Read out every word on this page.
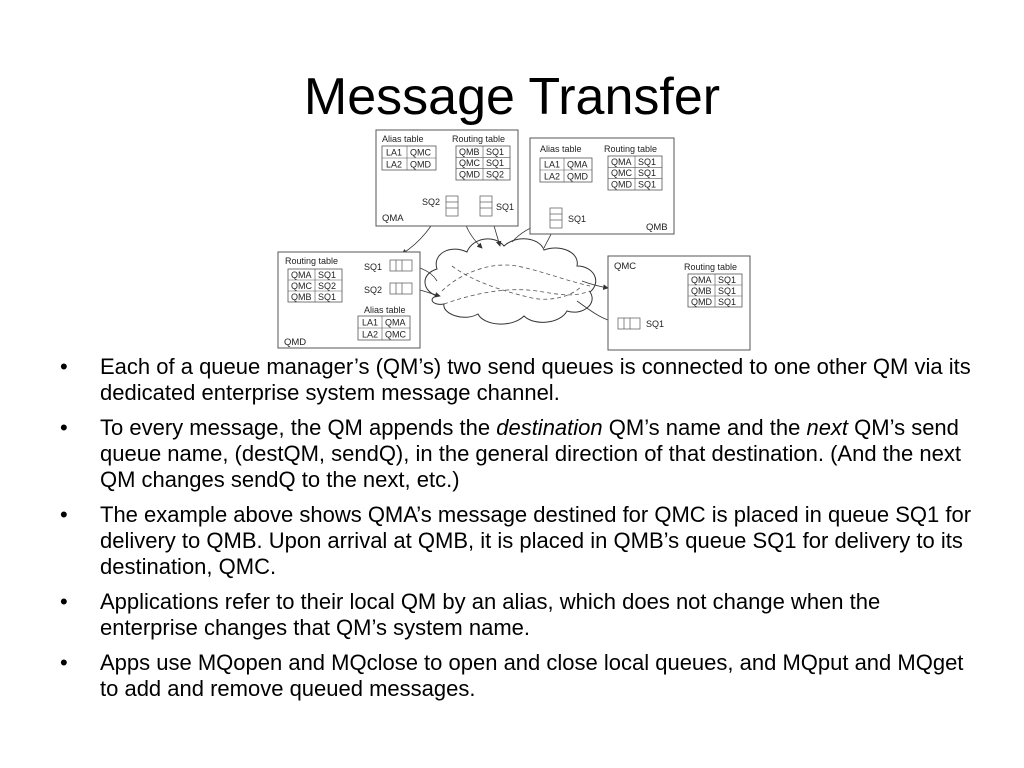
Message Transfer
Alias table
LA1 QMC
LA2 QMD
Routing table
QMB SQ1
QMC SQ1
QMD SQ2
SQ2	SQ1
QMA
Alias table
LA1 QMA
LA2 QMD
Routing table
QMA SQ1
QMC SQ1
QMD SQ1
SQ1
QMB
Routing table
QMA SQ1
QMC SQ2
QMB SQ1
SQ1
SQ2
Alias table
LA1 QMA
LA2 QMC
QMD
QMC	Routing table
QMA SQ1
QMB SQ1
QMD SQ1
SQ1
• Each of a queue manager’s (QM’s) two send queues is connected to one other QM via its dedicated enterprise system message channel.
• To every message, the QM appends the destination QM’s name and the next QM’s send queue name, (destQM, sendQ), in the general direction of that destination. (And the next QM changes sendQ to the next, etc.)
• The example above shows QMA’s message destined for QMC is placed in queue SQ1 for delivery to QMB. Upon arrival at QMB, it is placed in QMB’s queue SQ1 for delivery to its destination, QMC.
• Applications refer to their local QM by an alias, which does not change when the enterprise changes that QM’s system name.
• Apps use MQopen and MQclose to open and close local queues, and MQput and MQget to add and remove queued messages.
